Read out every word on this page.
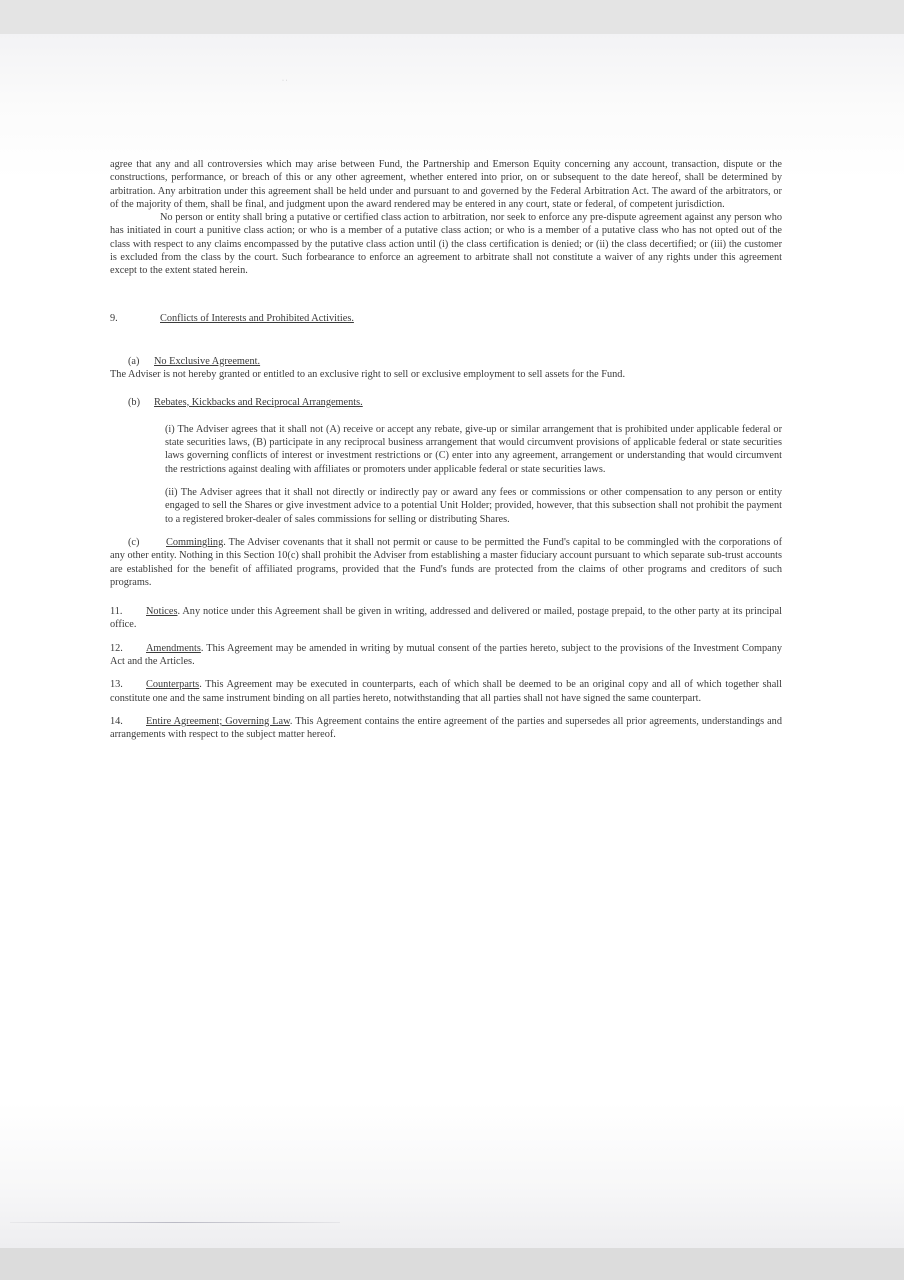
· ·

agree that any and all controversies which may arise between Fund, the Partnership and Emerson Equity concerning any account, transaction, dispute or the constructions, performance, or breach of this or any other agreement, whether entered into prior, on or subsequent to the date hereof, shall be determined by arbitration. Any arbitration under this agreement shall be held under and pursuant to and governed by the Federal Arbitration Act. The award of the arbitrators, or of the majority of them, shall be final, and judgment upon the award rendered may be entered in any court, state or federal, of competent jurisdiction.

No person or entity shall bring a putative or certified class action to arbitration, nor seek to enforce any pre-dispute agreement against any person who has initiated in court a punitive class action; or who is a member of a putative class action; or who is a member of a putative class who has not opted out of the class with respect to any claims encompassed by the putative class action until (i) the class certification is denied; or (ii) the class decertified; or (iii) the customer is excluded from the class by the court. Such forbearance to enforce an agreement to arbitrate shall not constitute a waiver of any rights under this agreement except to the extent stated herein.

9.	Conflicts of Interests and Prohibited Activities.
(a)	No Exclusive Agreement.

The Adviser is not hereby granted or entitled to an exclusive right to sell or exclusive employment to sell assets for the Fund.

(b)	Rebates, Kickbacks and Reciprocal Arrangements.

(i) The Adviser agrees that it shall not (A) receive or accept any rebate, give-up or similar arrangement that is prohibited under applicable federal or state securities laws, (B) participate in any reciprocal business arrangement that would circumvent provisions of applicable federal or state securities laws governing conflicts of interest or investment restrictions or (C) enter into any agreement, arrangement or understanding that would circumvent the restrictions against dealing with affiliates or promoters under applicable federal or state securities laws.

(ii) The Adviser agrees that it shall not directly or indirectly pay or award any fees or commissions or other compensation to any person or entity engaged to sell the Shares or give investment advice to a potential Unit Holder; provided, however, that this subsection shall not prohibit the payment to a registered broker-dealer of sales commissions for selling or distributing Shares.

(c)	Commingling. The Adviser covenants that it shall not permit or cause to be permitted the Fund's capital to be commingled with the corporations of any other entity. Nothing in this Section 10(c) shall prohibit the Adviser from establishing a master fiduciary account pursuant to which separate sub-trust accounts are established for the benefit of affiliated programs, provided that the Fund's funds are protected from the claims of other programs and creditors of such programs.

11. Notices. Any notice under this Agreement shall be given in writing, addressed and delivered or mailed, postage prepaid, to the other party at its principal office.

12. Amendments. This Agreement may be amended in writing by mutual consent of the parties hereto, subject to the provisions of the Investment Company Act and the Articles.

13. Counterparts. This Agreement may be executed in counterparts, each of which shall be deemed to be an original copy and all of which together shall constitute one and the same instrument binding on all parties hereto, notwithstanding that all parties shall not have signed the same counterpart.

14. Entire Agreement; Governing Law. This Agreement contains the entire agreement of the parties and supersedes all prior agreements, understandings and arrangements with respect to the subject matter hereof.
